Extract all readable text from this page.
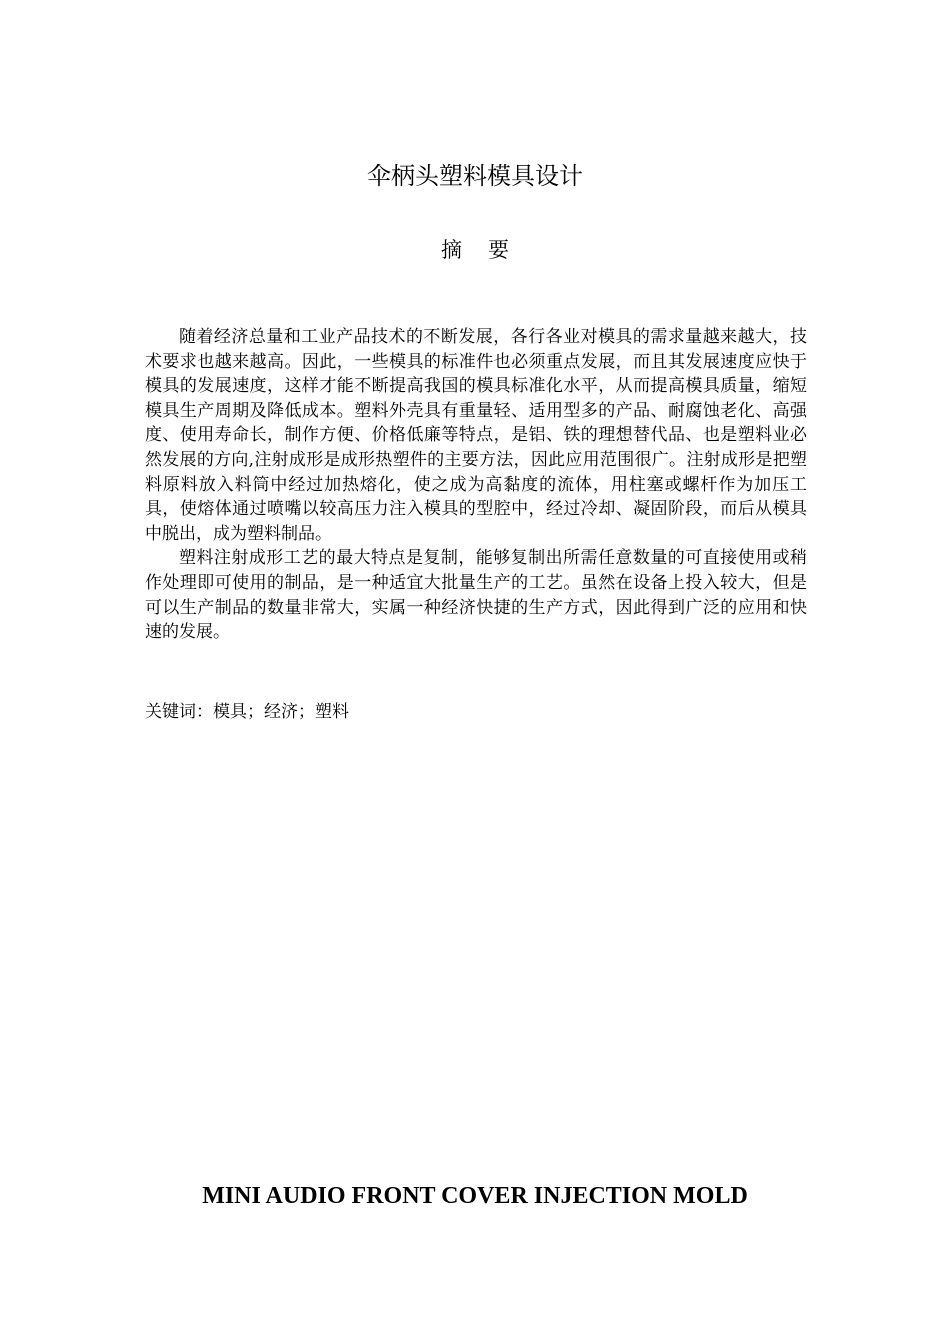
伞柄头塑料模具设计
摘要

随着经济总量和工业产品技术的不断发展，各行各业对模具的需求量越来越大，技术要求也越来越高。因此，一些模具的标准件也必须重点发展，而且其发展速度应快于模具的发展速度，这样才能不断提高我国的模具标准化水平，从而提高模具质量，缩短模具生产周期及降低成本。塑料外壳具有重量轻、适用型多的产品、耐腐蚀老化、高强度、使用寿命长，制作方便、价格低廉等特点，是铝、铁的理想替代品、也是塑料业必然发展的方向,注射成形是成形热塑件的主要方法，因此应用范围很广。注射成形是把塑料原料放入料筒中经过加热熔化，使之成为高黏度的流体，用柱塞或螺杆作为加压工具，使熔体通过喷嘴以较高压力注入模具的型腔中，经过冷却、凝固阶段，而后从模具中脱出，成为塑料制品。

塑料注射成形工艺的最大特点是复制，能够复制出所需任意数量的可直接使用或稍作处理即可使用的制品，是一种适宜大批量生产的工艺。虽然在设备上投入较大，但是可以生产制品的数量非常大，实属一种经济快捷的生产方式，因此得到广泛的应用和快速的发展。

关键词：模具；经济；塑料
MINI AUDIO FRONT COVER INJECTION MOLD
